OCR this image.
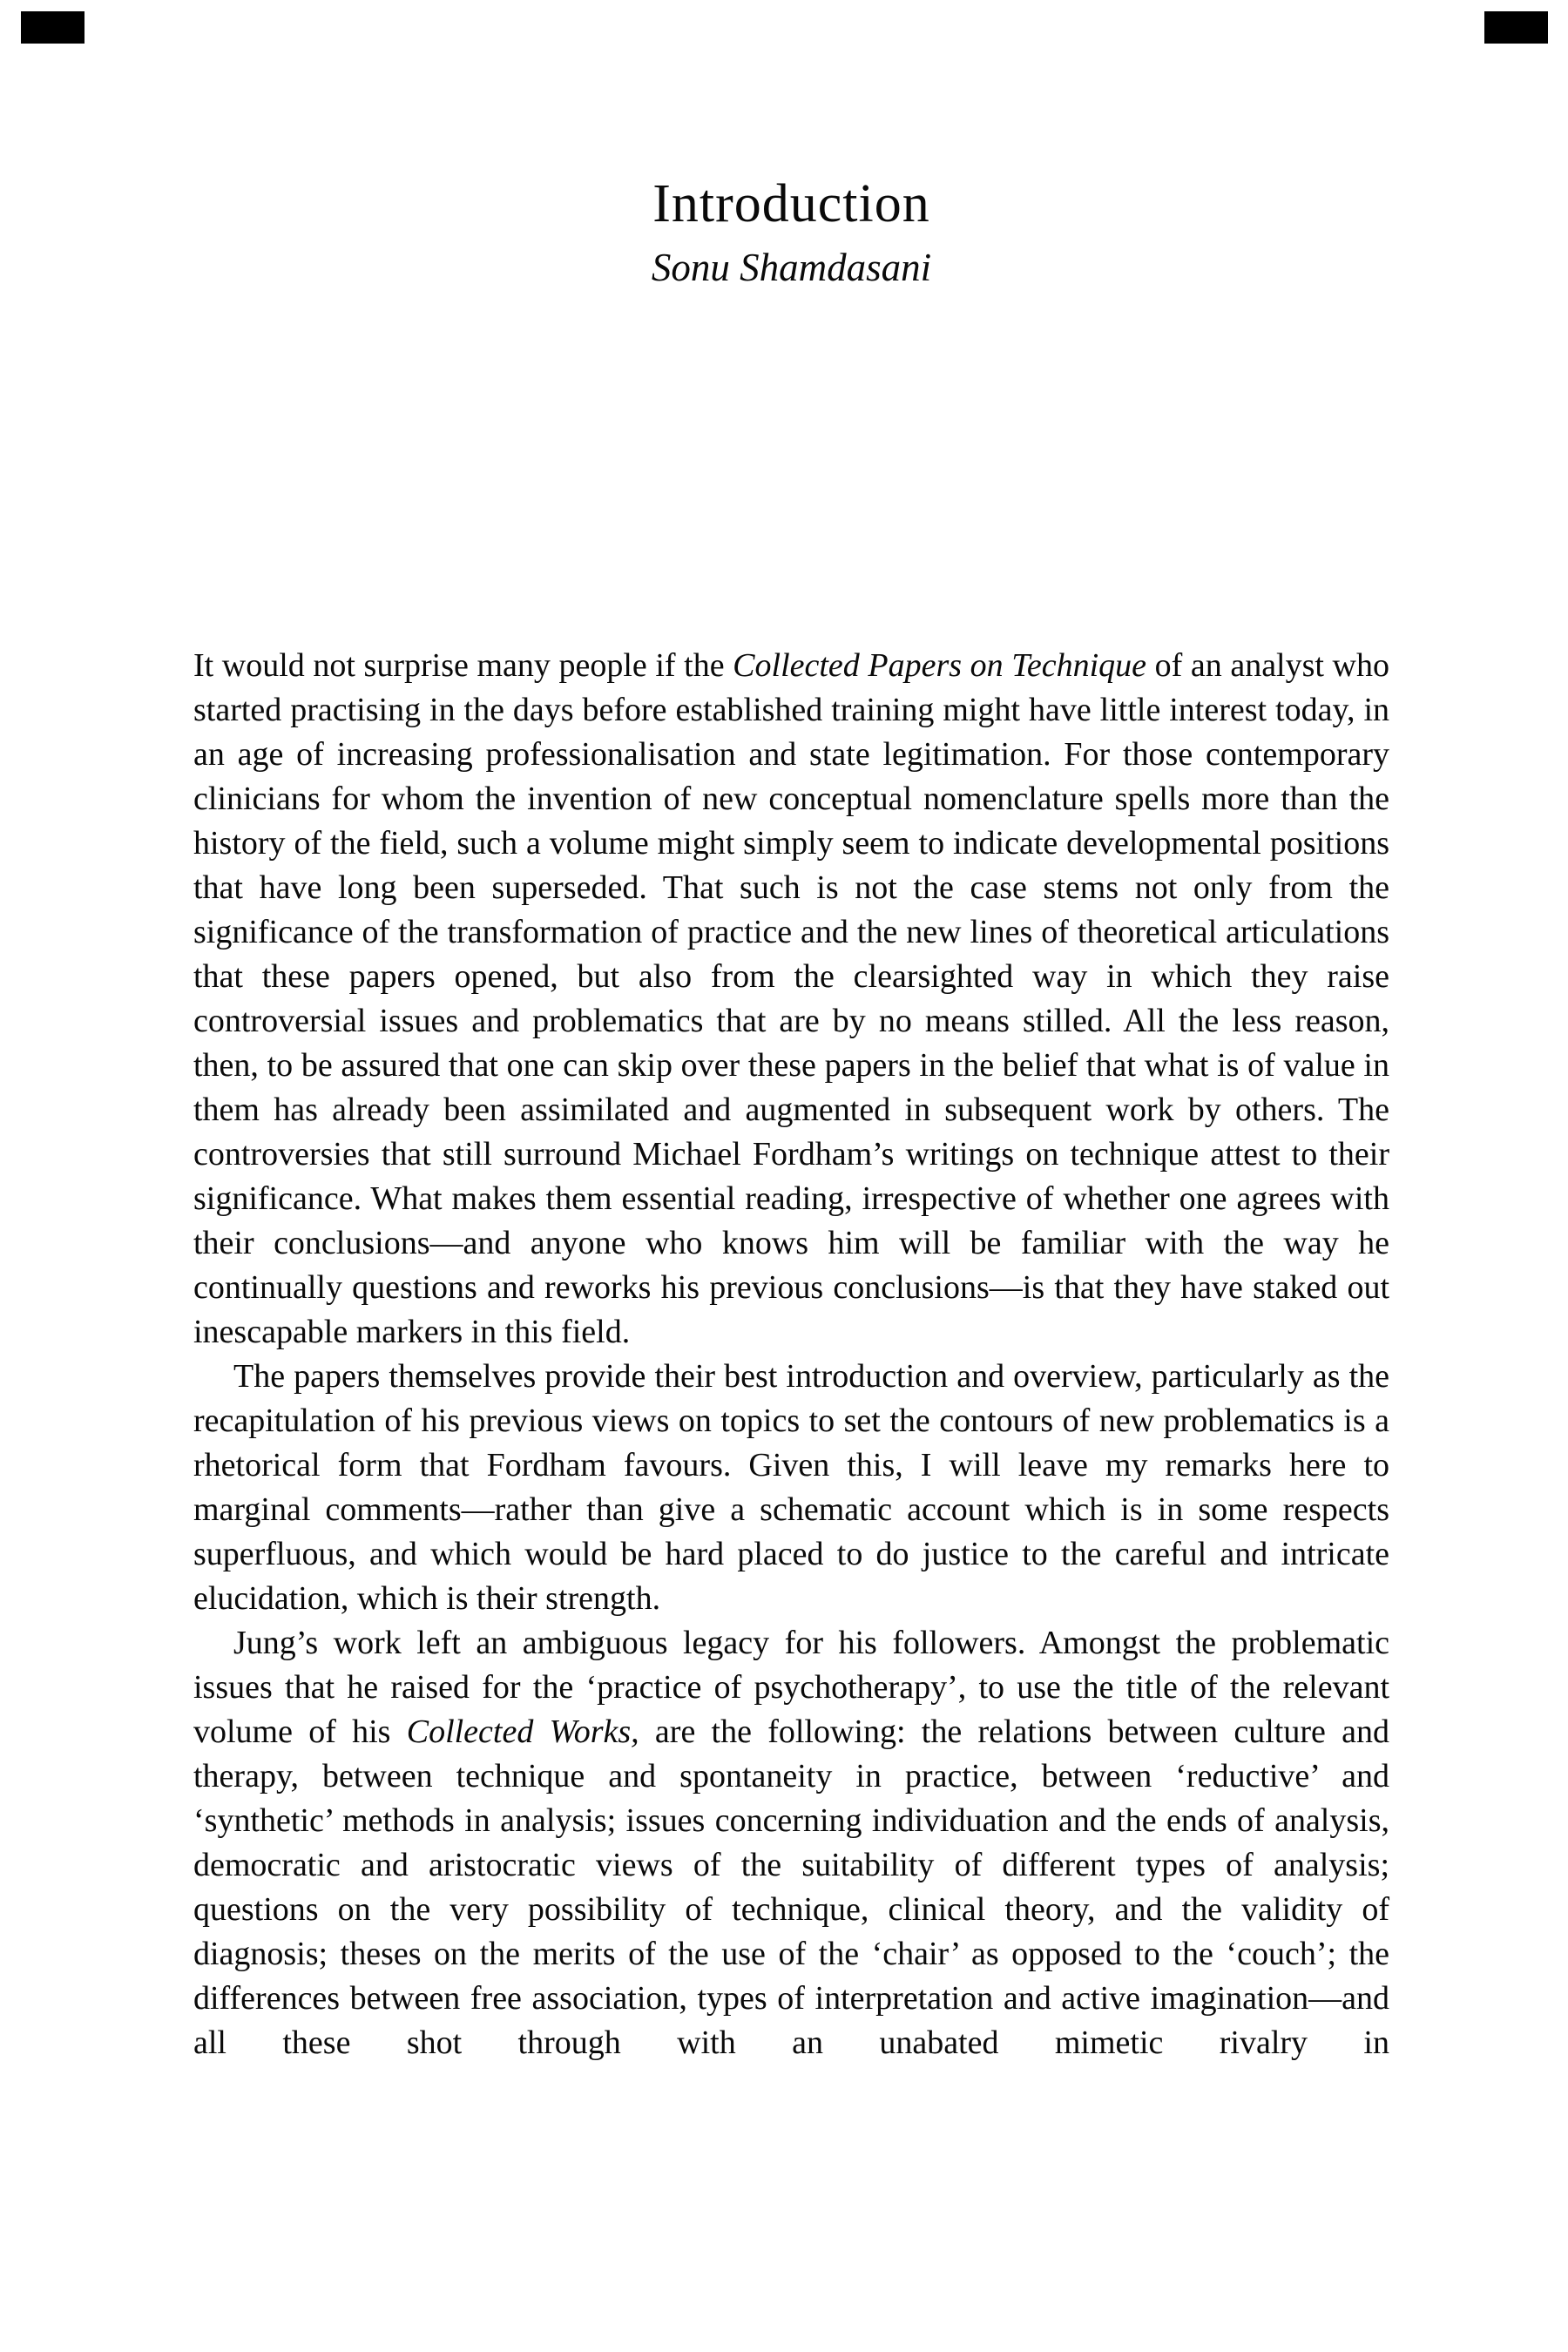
Introduction
Sonu Shamdasani

It would not surprise many people if the Collected Papers on Technique of an analyst who started practising in the days before established training might have little interest today, in an age of increasing professionalisation and state legitimation. For those contemporary clinicians for whom the invention of new conceptual nomenclature spells more than the history of the field, such a volume might simply seem to indicate developmental positions that have long been superseded. That such is not the case stems not only from the significance of the transformation of practice and the new lines of theoretical articulations that these papers opened, but also from the clearsighted way in which they raise controversial issues and problematics that are by no means stilled. All the less reason, then, to be assured that one can skip over these papers in the belief that what is of value in them has already been assimilated and augmented in subsequent work by others. The controversies that still surround Michael Fordham’s writings on technique attest to their significance. What makes them essential reading, irrespective of whether one agrees with their conclusions—and anyone who knows him will be familiar with the way he continually questions and reworks his previous conclusions—is that they have staked out inescapable markers in this field.

The papers themselves provide their best introduction and overview, particularly as the recapitulation of his previous views on topics to set the contours of new problematics is a rhetorical form that Fordham favours. Given this, I will leave my remarks here to marginal comments—rather than give a schematic account which is in some respects superfluous, and which would be hard placed to do justice to the careful and intricate elucidation, which is their strength.

Jung’s work left an ambiguous legacy for his followers. Amongst the problematic issues that he raised for the ‘practice of psychotherapy’, to use the title of the relevant volume of his Collected Works, are the following: the relations between culture and therapy, between technique and spontaneity in practice, between ‘reductive’ and ‘synthetic’ methods in analysis; issues concerning individuation and the ends of analysis, democratic and aristocratic views of the suitability of different types of analysis; questions on the very possibility of technique, clinical theory, and the validity of diagnosis; theses on the merits of the use of the ‘chair’ as opposed to the ‘couch’; the differences between free association, types of interpretation and active imagination—and all these shot through with an unabated mimetic rivalry in
